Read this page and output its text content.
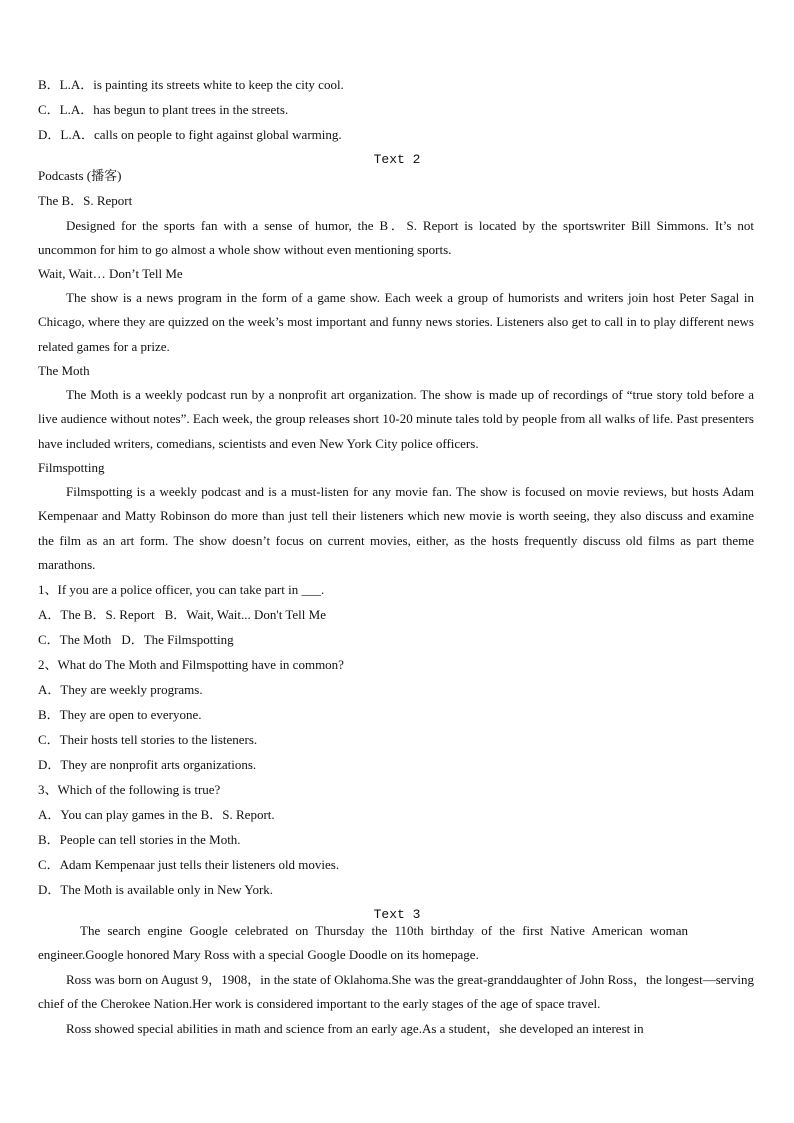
B．L.A．is painting its streets white to keep the city cool.
C．L.A．has begun to plant trees in the streets.
D．L.A．calls on people to fight against global warming.
Text 2
Podcasts (播客)
The B．S. Report
Designed for the sports fan with a sense of humor, the B．S. Report is located by the sportswriter Bill Simmons. It’s not uncommon for him to go almost a whole show without even mentioning sports.
Wait, Wait… Don’t Tell Me
The show is a news program in the form of a game show. Each week a group of humorists and writers join host Peter Sagal in Chicago, where they are quizzed on the week’s most important and funny news stories. Listeners also get to call in to play different news related games for a prize.
The Moth
The Moth is a weekly podcast run by a nonprofit art organization. The show is made up of recordings of “true story told before a live audience without notes”. Each week, the group releases short 10-20 minute tales told by people from all walks of life. Past presenters have included writers, comedians, scientists and even New York City police officers.
Filmspotting
Filmspotting is a weekly podcast and is a must-listen for any movie fan. The show is focused on movie reviews, but hosts Adam Kempenaar and Matty Robinson do more than just tell their listeners which new movie is worth seeing, they also discuss and examine the film as an art form. The show doesn’t focus on current movies, either, as the hosts frequently discuss old films as part theme marathons.
1、If you are a police officer, you can take part in ___.
A．The B．S. Report B．Wait, Wait... Don't Tell Me
C．The Moth D．The Filmspotting
2、What do The Moth and Filmspotting have in common?
A．They are weekly programs.
B．They are open to everyone.
C．Their hosts tell stories to the listeners.
D．They are nonprofit arts organizations.
3、Which of the following is true?
A．You can play games in the B．S. Report.
B．People can tell stories in the Moth.
C．Adam Kempenaar just tells their listeners old movies.
D．The Moth is available only in New York.
Text 3
The search engine Google celebrated on Thursday the 110th birthday of the first Native American woman engineer.Google honored Mary Ross with a special Google Doodle on its homepage.
Ross was born on August 9，1908，in the state of Oklahoma.She was the great-granddaughter of John Ross，the longest—serving chief of the Cherokee Nation.Her work is considered important to the early stages of the age of space travel.
Ross showed special abilities in math and science from an early age.As a student，she developed an interest in
